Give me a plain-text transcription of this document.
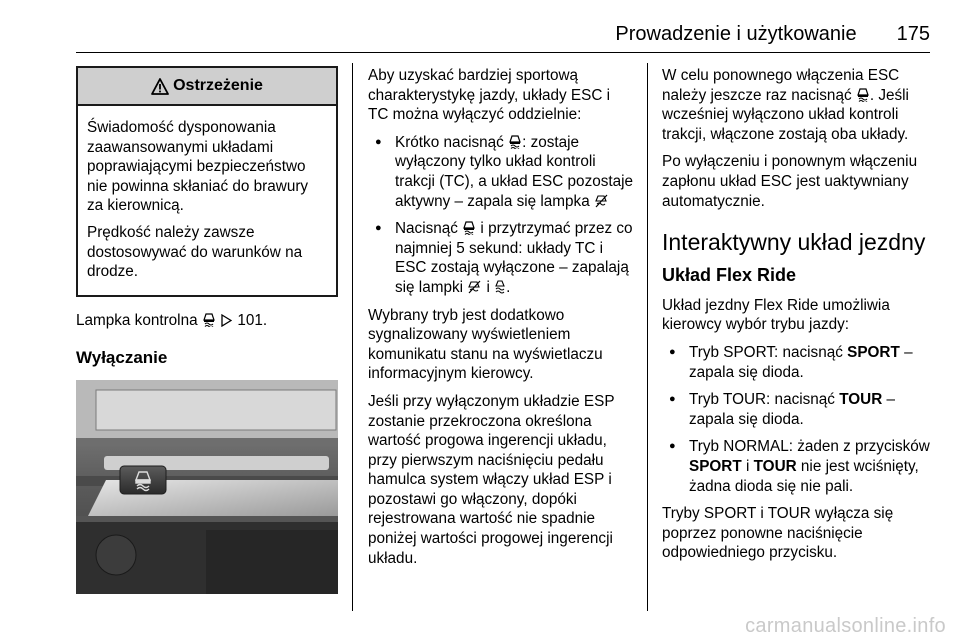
Prowadzenie i użytkowanie 175
Ostrzeżenie

Świadomość dysponowania zaawansowanymi układami poprawiającymi bezpieczeństwo nie powinna skłaniać do brawury za kierownicą.

Prędkość należy zawsze dostosowywać do warunków na drodze.

Lampka kontrolna	101.

Wyłączanie

Aby uzyskać bardziej sportową charakterystykę jazdy, układy ESC i TC można wyłączyć oddzielnie:

● Krótko nacisnąć : zostaje wyłączony tylko układ kontroli trakcji (TC), a układ ESC pozostaje aktywny – zapala się lampka
● Nacisnąć i przytrzymać przez co najmniej 5 sekund: układy TC i ESC zostają wyłączone – zapalają się lampki i .

Wybrany tryb jest dodatkowo sygnalizowany wyświetleniem komunikatu stanu na wyświetlaczu informacyjnym kierowcy.

Jeśli przy wyłączonym układzie ESP zostanie przekroczona określona wartość progowa ingerencji układu, przy pierwszym naciśnięciu pedału hamulca system włączy układ ESP i pozostawi go włączony, dopóki rejestrowana wartość nie spadnie poniżej wartości progowej ingerencji układu.

W celu ponownego włączenia ESC należy jeszcze raz nacisnąć . Jeśli wcześniej wyłączono układ kontroli trakcji, włączone zostają oba układy.

Po wyłączeniu i ponownym włączeniu zapłonu układ ESC jest uaktywniany automatycznie.

Interaktywny układ jezdny
Układ Flex Ride

Układ jezdny Flex Ride umożliwia kierowcy wybór trybu jazdy:

● Tryb SPORT: nacisnąć SPORT – zapala się dioda.
● Tryb TOUR: nacisnąć TOUR – zapala się dioda.
● Tryb NORMAL: żaden z przycisków SPORT i TOUR nie jest wciśnięty, żadna dioda się nie pali.

Tryby SPORT i TOUR wyłącza się poprzez ponowne naciśnięcie odpowiedniego przycisku.

carmanualsonline.info
